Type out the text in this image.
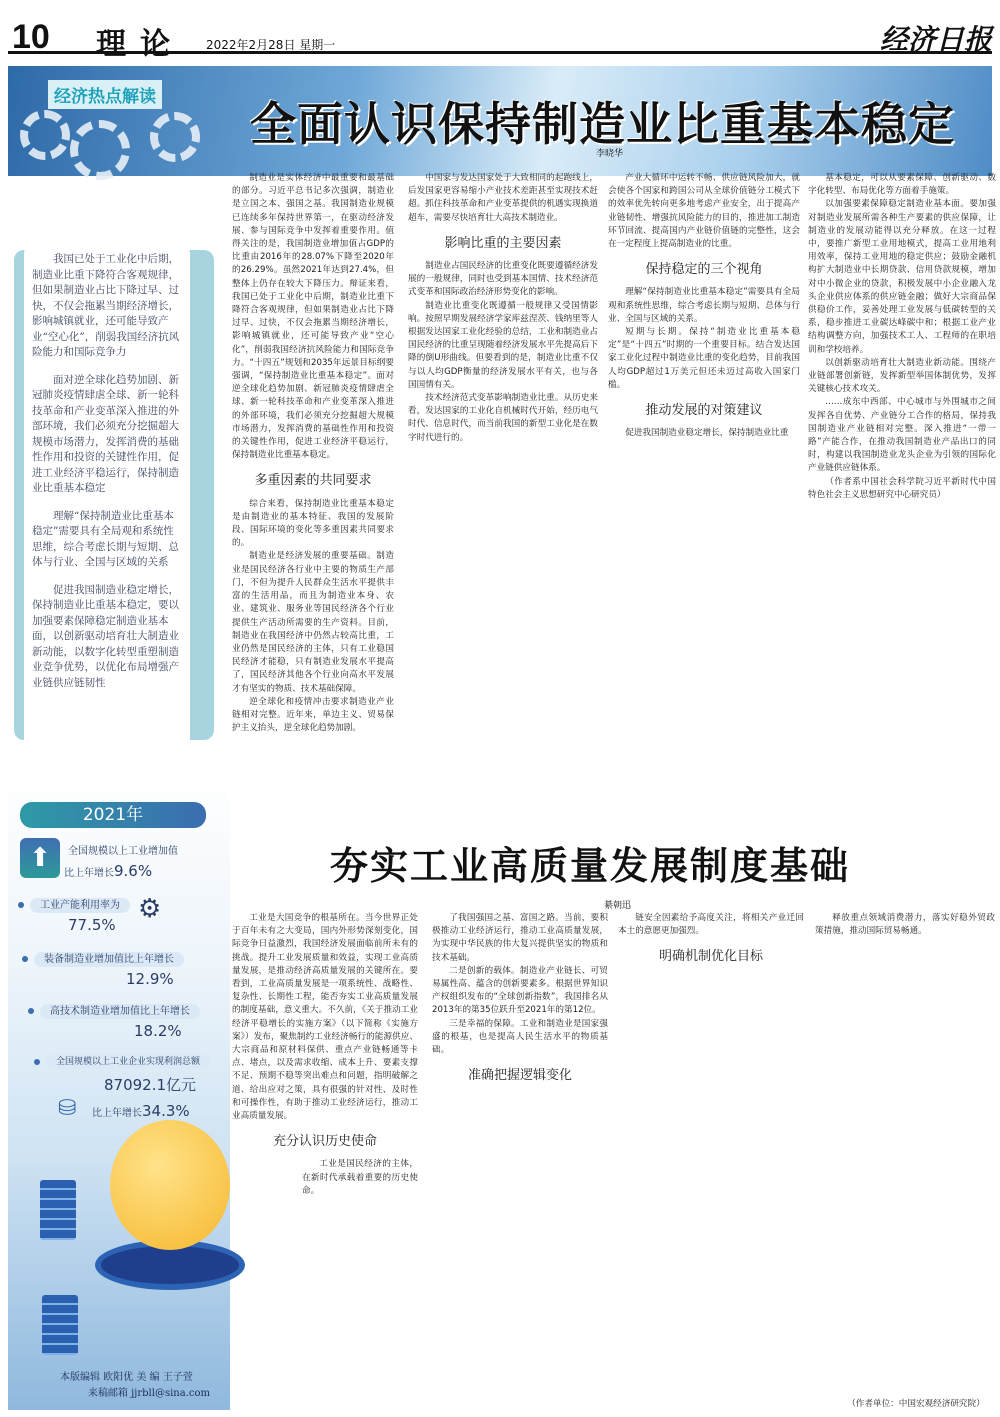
10 理论 2022年2月28日 星期一	经济日报
经济热点解读 全面认识保持制造业比重基本稳定
李晓华

我国已处于工业化中后期，制造业比重下降符合客观规律，但如果制造业占比下降过早、过快，不仅会拖累当期经济增长，影响城镇就业，还可能导致产业“空心化”，削弱我国经济抗风险能力和国际竞争力

面对逆全球化趋势加剧、新冠肺炎疫情肆虐全球、新一轮科技革命和产业变革深入推进的外部环境，我们必须充分挖掘超大规模市场潜力，发挥消费的基础性作用和投资的关键性作用，促进工业经济平稳运行，保持制造业比重基本稳定

理解“保持制造业比重基本稳定”需要具有全局观和系统性思维，综合考虑长期与短期、总体与行业、全国与区域的关系

促进我国制造业稳定增长，保持制造业比重基本稳定，要以加强要素保障稳定制造业基本面，以创新驱动培育壮大制造业新动能，以数字化转型重塑制造业竞争优势，以优化布局增强产业链供应链韧性

制造业是实体经济中最重要和最基础的部分。习近平总书记多次强调，制造业是立国之本、强国之基。我国制造业规模已连续多年保持世界第一，在驱动经济发展、参与国际竞争中发挥着重要作用。值得关注的是，我国制造业增加值占GDP的比重由2016年的28.07%下降至2020年的26.29%。虽然2021年达到27.4%，但整体上仍存在较大下降压力。辩证来看，我国已处于工业化中后期，制造业比重下降符合客观规律，但如果制造业占比下降过早、过快，不仅会拖累当期经济增长，影响城镇就业，还可能导致产业“空心化”，削弱我国经济抗风险能力和国际竞争力。“十四五”规划和2035年远景目标纲要强调，“保持制造业比重基本稳定”。面对逆全球化趋势加剧、新冠肺炎疫情肆虐全球、新一轮科技革命和产业变革深入推进的外部环境，我们必须充分挖掘超大规模市场潜力，发挥消费的基础性作用和投资的关键性作用，促进工业经济平稳运行，保持制造业比重基本稳定。

多重因素的共同要求

综合来看，保持制造业比重基本稳定是由制造业的基本特征、我国的发展阶段、国际环境的变化等多重因素共同要求的。

制造业是经济发展的重要基础。制造业是国民经济各行业中主要的物质生产部门，不但为提升人民群众生活水平提供丰富的生活用品，而且为制造业本身、农业、建筑业、服务业等国民经济各个行业提供生产活动所需要的生产资料。目前，制造业在我国经济中仍然占较高比重，工业仍然是国民经济的主体，只有工业稳国民经济才能稳，只有制造业发展水平提高了，国民经济其他各个行业向高水平发展才有坚实的物质、技术基础保障。

逆全球化和疫情冲击要求制造业产业链相对完整。近年来，单边主义、贸易保护主义抬头，逆全球化趋势加剧。

中国家与发达国家处于大致相同的起跑线上，后发国家更容易缩小产业技术差距甚至实现技术赶超。抓住科技革命和产业变革提供的机遇实现换道超车，需要尽快培育壮大高技术制造业。

影响比重的主要因素

制造业占国民经济的比重变化既要遵循经济发展的一般规律，同时也受到基本国情、技术经济范式变革和国际政治经济形势变化的影响。

制造业比重变化既遵循一般规律又受国情影响。按照早期发展经济学家库兹涅茨、钱纳里等人根据发达国家工业化经验的总结，工业和制造业占国民经济的比重呈现随着经济发展水平先提高后下降的倒U形曲线。但要看到的是，制造业比重不仅与以人均GDP衡量的经济发展水平有关，也与各国国情有关。

技术经济范式变革影响制造业比重。从历史来看，发达国家的工业化自机械时代开始，经历电气时代、信息时代，而当前我国的新型工业化是在数字时代进行的。

产业大循环中运转不畅、供应链风险加大，就会使各个国家和跨国公司从全球价值链分工模式下的效率优先转向更多地考虑产业安全，出于提高产业链韧性、增强抗风险能力的目的，推进加工制造环节回流、提高国内产业链价值链的完整性，这会在一定程度上提高制造业的比重。

保持稳定的三个视角

理解“保持制造业比重基本稳定”需要具有全局观和系统性思维，综合考虑长期与短期、总体与行业、全国与区域的关系。

短期与长期。保持“制造业比重基本稳定”是“十四五”时期的一个重要目标。结合发达国家工业化过程中制造业比重的变化趋势，目前我国人均GDP超过1万美元但还未迈过高收入国家门槛。

推动发展的对策建议

促进我国制造业稳定增长，保持制造业比重

基本稳定，可以从要素保障、创新驱动、数字化转型、布局优化等方面着手施策。

以加强要素保障稳定制造业基本面。要加强对制造业发展所需各种生产要素的供应保障，让制造业的发展动能得以充分释放。在这一过程中，要推广新型工业用地模式，提高工业用地利用效率，保持工业用地的稳定供应；鼓励金融机构扩大制造业中长期贷款、信用贷款规模，增加对中小微企业的贷款，积极发展中小企业融入龙头企业供应体系的供应链金融；做好大宗商品保供稳价工作，妥善处理工业发展与低碳转型的关系，稳步推进工业碳达峰碳中和；根据工业产业结构调整方向，加强技术工人、工程师的在职培训和学校培养。

以创新驱动培育壮大制造业新动能。围绕产业链部署创新链，发挥新型举国体制优势，发挥关键核心技术攻关。

……成东中西部、中心城市与外围城市之间发挥各自优势、产业链分工合作的格局，保持我国制造业产业链相对完整。深入推进“一带一路”产能合作，在推动我国制造业产品出口的同时，构建以我国制造业龙头企业为引领的国际化产业链供应链体系。

（作者系中国社会科学院习近平新时代中国特色社会主义思想研究中心研究员）

2021年
⬆	全国规模以上工业增加值
比上年增长9.6%
工业产能利用率为
77.5%
⚙
装备制造业增加值比上年增长
12.9%
高技术制造业增加值比上年增长
18.2%
全国规模以上工业企业实现利润总额
87092.1亿元
⛁ 比上年增长34.3%
本版编辑 欧阳优 美 编 王子萱
来稿邮箱 jjrbll@sina.com
夯实工业高质量发展制度基础
綦朝迅

工业是大国竞争的根基所在。当今世界正处于百年未有之大变局，国内外形势深刻变化，国际竞争日益激烈，我国经济发展面临前所未有的挑战。提升工业发展质量和效益，实现工业高质量发展，是推动经济高质量发展的关键所在。要看到，工业高质量发展是一项系统性、战略性、复杂性、长期性工程，能否夯实工业高质量发展的制度基础，意义重大。不久前，《关于推动工业经济平稳增长的实施方案》（以下简称《实施方案》）发布，聚焦制约工业经济畅行的能源供应、大宗商品和原材料保供、重点产业链畅通等卡点、堵点，以及需求收缩、成本上升、要素支撑不足、预期不稳等突出难点和问题，指明破解之道、给出应对之策，具有很强的针对性、及时性和可操作性，有助于推动工业经济运行，推动工业高质量发展。

充分认识历史使命

工业是国民经济的主体，在新时代承载着重要的历史使命。

了我国强国之基、富国之路。当前，要积极推动工业经济运行，推动工业高质量发展，为实现中华民族的伟大复兴提供坚实的物质和技术基础。

二是创新的载体。制造业产业链长、可贸易属性高、蕴含的创新要素多。根据世界知识产权组织发布的“全球创新指数”，我国排名从2013年的第35位跃升至2021年的第12位。

三是幸福的保障。工业和制造业是国家强盛的根基，也是提高人民生活水平的物质基础。

准确把握逻辑变化

链安全因素给予高度关注，将相关产业迁回本土的意愿更加强烈。

明确机制优化目标

释放重点领域消费潜力，落实好稳外贸政策措施，推动国际贸易畅通。

（作者单位：中国宏观经济研究院）
